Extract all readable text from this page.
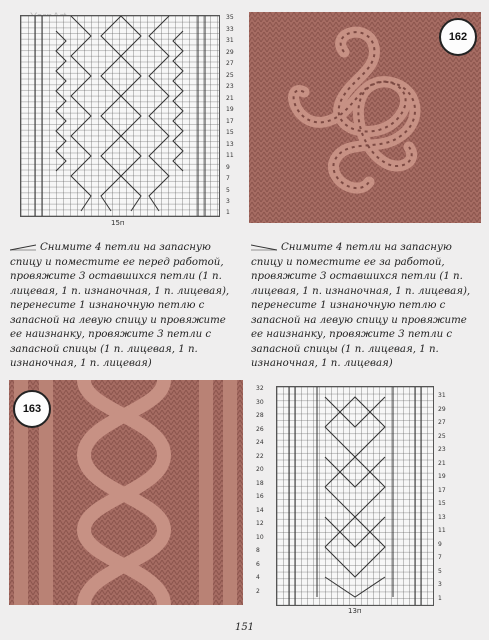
35
33
31
29
27
25
23
21
19
17
15
13
11
9
7
5
3
1
15п
162
Снимите 4 петли на запасную спицу и поместите ее перед работой, провяжите 3 оставшихся петли (1 п. лицевая, 1 п. изнаночная, 1 п. лицевая), перенесите 1 изнаночную петлю с запасной на левую спицу и провяжите ее наизнанку, провяжите 3 петли с запасной спицы (1 п. лицевая, 1 п. изнаночная, 1 п. лицевая)
Снимите 4 петли на запасную спицу и поместите ее за работой, провяжите 3 оставшихся петли (1 п. лицевая, 1 п. изнаночная, 1 п. лицевая), перенесите 1 изнаночную петлю с запасной на левую спицу и провяжите ее наизнанку, провяжите 3 петли с запасной спицы (1 п. лицевая, 1 п. изнаночная, 1 п. лицевая)
163
32
30
28
26
24
22
20
18
16
14
12
10
8
6
4
2
31
29
27
25
23
21
19
17
15
13
11
9
7
5
3
1
13п
151
